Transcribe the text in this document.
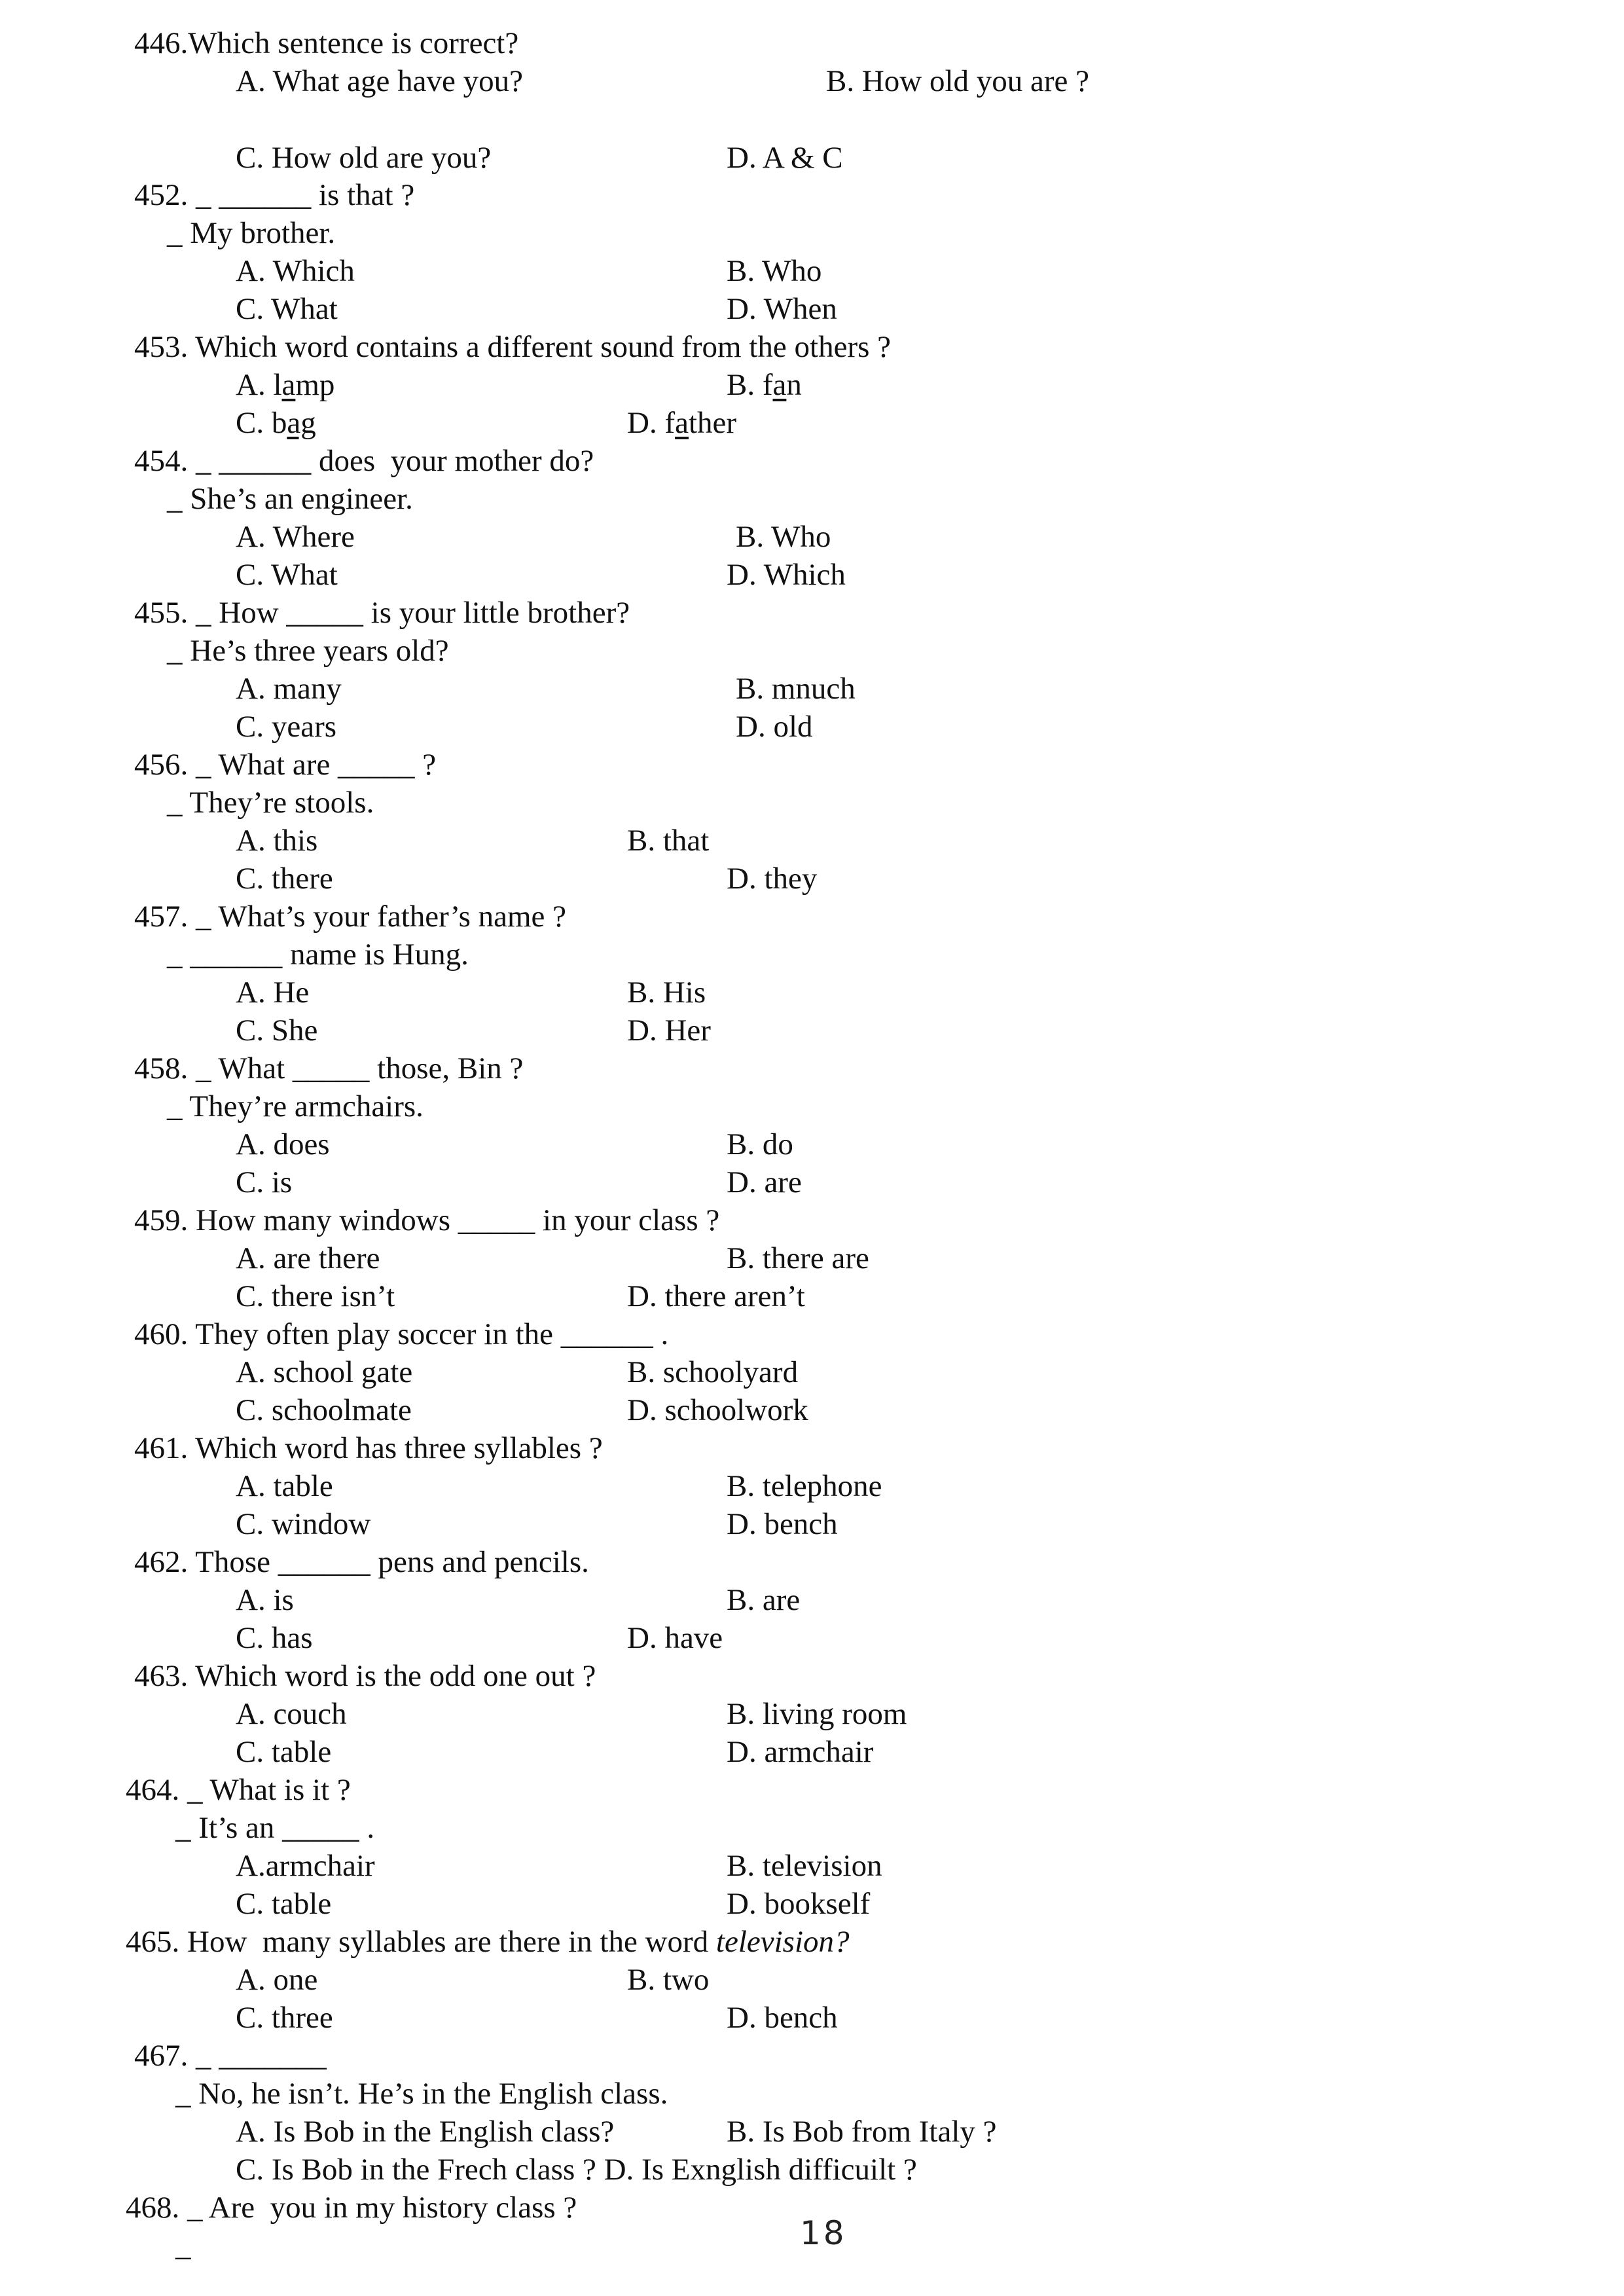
446.Which sentence is correct?
A. What age have you?	B. How old you are ?
C. How old are you?	D. A & C
452. _ ______ is that ?
_ My brother.
A. Which	B. Who
C. What	D. When
453. Which word contains a different sound from the others ?
A. lamp	B. fan
C. bag	D. father
454. _ ______ does  your mother do?
_ She’s an engineer.
A. Where	B. Who
C. What	D. Which
455. _ How _____ is your little brother?
_ He’s three years old?
A. many	B. mnuch
C. years	D. old
456. _ What are _____ ?
_ They’re stools.
A. this	B. that
C. there	D. they
457. _ What’s your father’s name ?
_ ______ name is Hung.
A. He	B. His
C. She	D. Her
458. _ What _____ those, Bin ?
_ They’re armchairs.
A. does	B. do
C. is	D. are
459. How many windows _____ in your class ?
A. are there	B. there are
C. there isn’t	D. there aren’t
460. They often play soccer in the ______ .
A. school gate	B. schoolyard
C. schoolmate	D. schoolwork
461. Which word has three syllables ?
A. table	B. telephone
C. window	D. bench
462. Those ______ pens and pencils.
A. is	B. are
C. has	D. have
463. Which word is the odd one out ?
A. couch	B. living room
C. table	D. armchair
464. _ What is it ?
_ It’s an _____ .
A.armchair	B. television
C. table	D. bookself
465. How  many syllables are there in the word television?
A. one	B. two
C. three	D. bench
467. _ _______
_ No, he isn’t. He’s in the English class.
A. Is Bob in the English class?	B. Is Bob from Italy ?
C. Is Bob in the Frech class ? D. Is Exnglish difficuilt ?
468. _ Are  you in my history class ?
_	18
